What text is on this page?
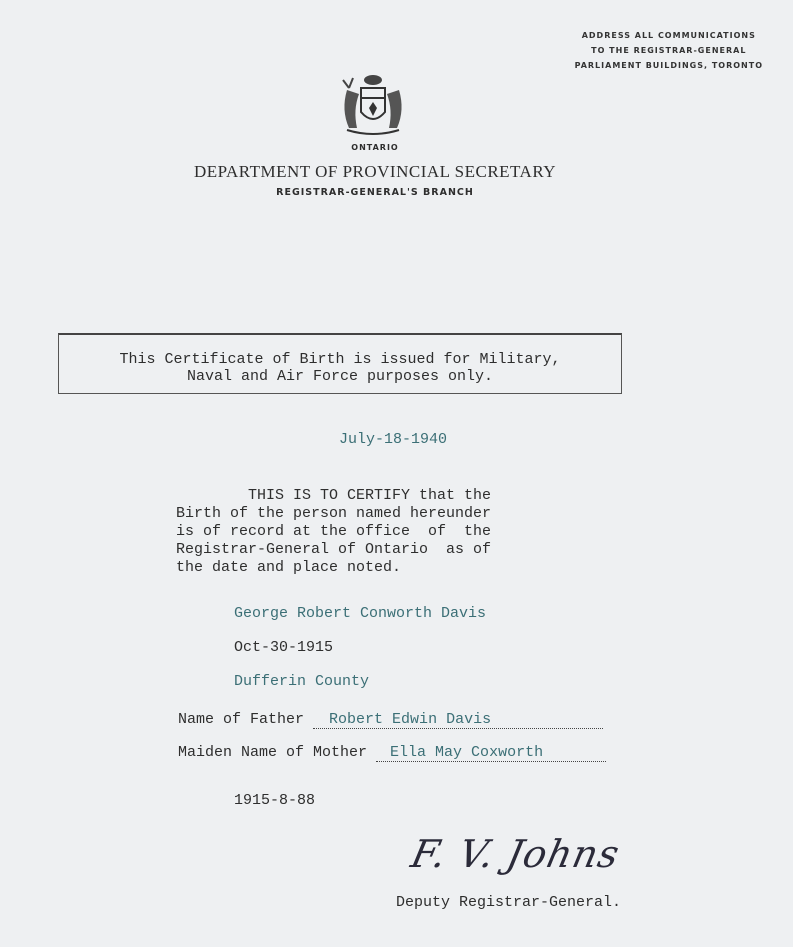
ADDRESS ALL COMMUNICATIONS
TO THE REGISTRAR-GENERAL
PARLIAMENT BUILDINGS, TORONTO
ONTARIO
DEPARTMENT OF PROVINCIAL SECRETARY
REGISTRAR-GENERAL'S BRANCH
This Certificate of Birth is issued for Military,
Naval and Air Force purposes only.
July-18-1940
THIS IS TO CERTIFY that the
Birth of the person named hereunder
is of record at the office  of  the
Registrar-General of Ontario  as of
the date and place noted.
George Robert Conworth Davis
Oct-30-1915
Dufferin County
Name of Father Robert Edwin Davis
Maiden Name of Mother Ella May Coxworth
1915-8-88
F. V. Johns
Deputy Registrar-General.
